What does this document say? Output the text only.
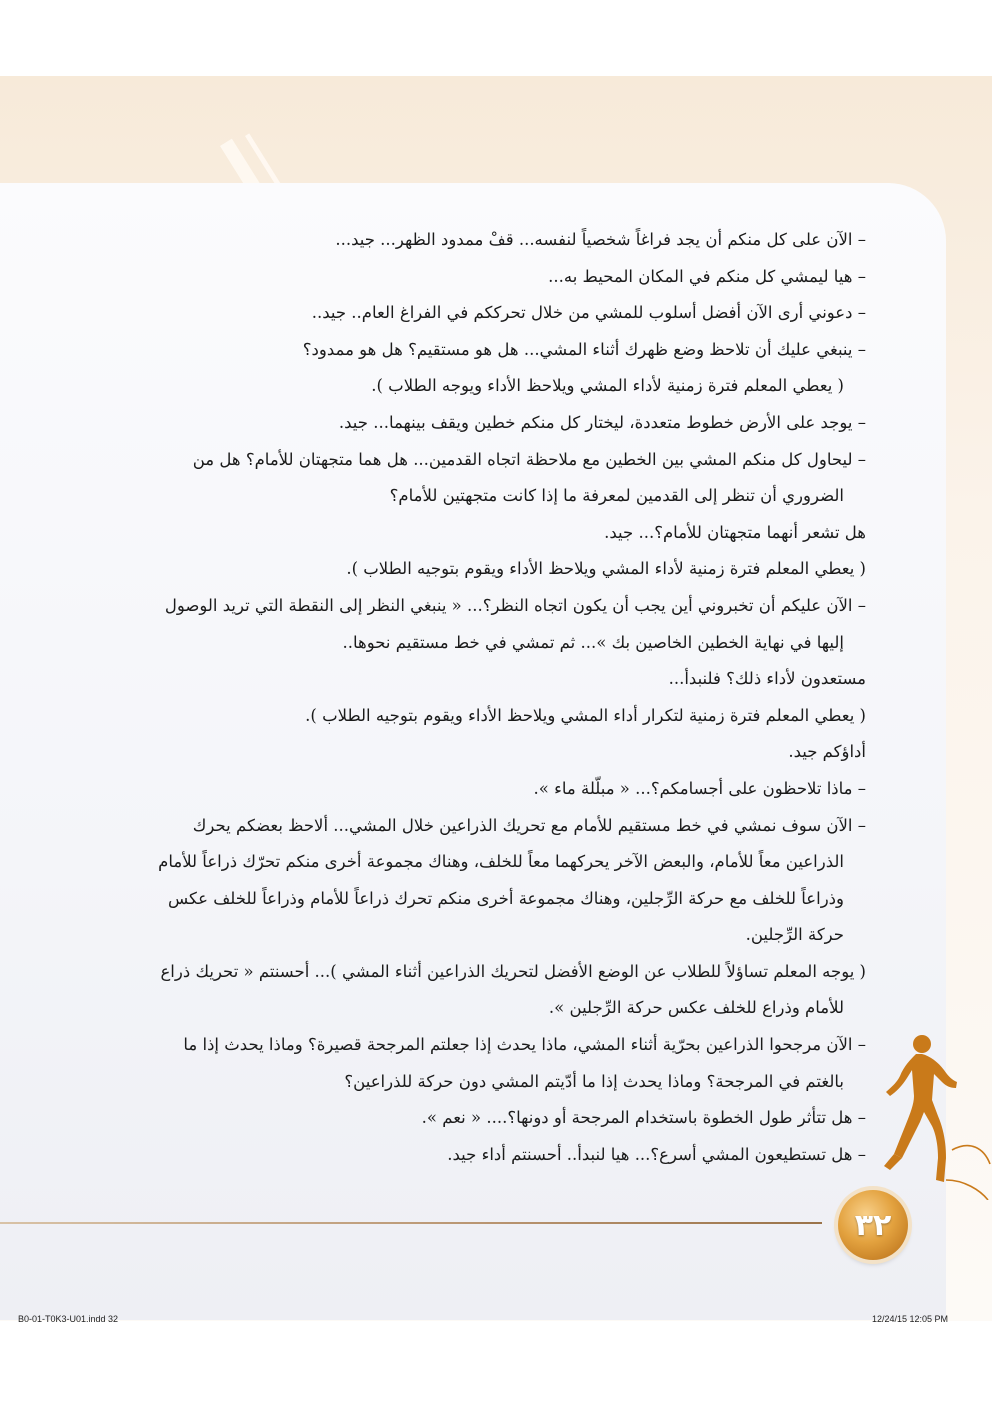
– الآن على كل منكم أن يجد فراغاً شخصياً لنفسه... قفْ ممدود الظهر... جيد...

– هيا ليمشي كل منكم في المكان المحيط به...

– دعوني أرى الآن أفضل أسلوب للمشي من خلال تحرككم في الفراغ العام.. جيد..

– ينبغي عليك أن تلاحظ وضع ظهرك أثناء المشي... هل هو مستقيم؟ هل هو ممدود؟

( يعطي المعلم فترة زمنية لأداء المشي ويلاحظ الأداء ويوجه الطلاب ).

– يوجد على الأرض خطوط متعددة، ليختار كل منكم خطين ويقف بينهما... جيد.

– ليحاول كل منكم المشي بين الخطين مع ملاحظة اتجاه القدمين... هل هما متجهتان للأمام؟ هل من

الضروري أن تنظر إلى القدمين لمعرفة ما إذا كانت متجهتين للأمام؟

هل تشعر أنهما متجهتان للأمام؟... جيد.

( يعطي المعلم فترة زمنية لأداء المشي ويلاحظ الأداء ويقوم بتوجيه الطلاب ).

– الآن عليكم أن تخبروني أين يجب أن يكون اتجاه النظر؟... « ينبغي النظر إلى النقطة التي تريد الوصول

إليها في نهاية الخطين الخاصين بك »... ثم تمشي في خط مستقيم نحوها..

مستعدون لأداء ذلك؟ فلنبدأ...

( يعطي المعلم فترة زمنية لتكرار أداء المشي ويلاحظ الأداء ويقوم بتوجيه الطلاب ).

أداؤكم جيد.

– ماذا تلاحظون على أجسامكم؟... « مبلّلة ماء ».

– الآن سوف نمشي في خط مستقيم للأمام مع تحريك الذراعين خلال المشي... ألاحظ بعضكم يحرك

الذراعين معاً للأمام، والبعض الآخر يحركهما معاً للخلف، وهناك مجموعة أخرى منكم تحرّك ذراعاً للأمام

وذراعاً للخلف مع حركة الرِّجلين، وهناك مجموعة أخرى منكم تحرك ذراعاً للأمام وذراعاً للخلف عكس

حركة الرِّجلين.

( يوجه المعلم تساؤلاً للطلاب عن الوضع الأفضل لتحريك الذراعين أثناء المشي )... أحسنتم « تحريك ذراع

للأمام وذراع للخلف عكس حركة الرِّجلين ».

– الآن مرجحوا الذراعين بحرّية أثناء المشي، ماذا يحدث إذا جعلتم المرجحة قصيرة؟ وماذا يحدث إذا ما

بالغتم في المرجحة؟ وماذا يحدث إذا ما أدّيتم المشي دون حركة للذراعين؟

– هل تتأثر طول الخطوة باستخدام المرجحة أو دونها؟.... « نعم ».

– هل تستطيعون المشي أسرع؟... هيا لنبدأ.. أحسنتم أداء جيد.

٣٢
B0-01-T0K3-U01.indd 32	12/24/15 12:05 PM
